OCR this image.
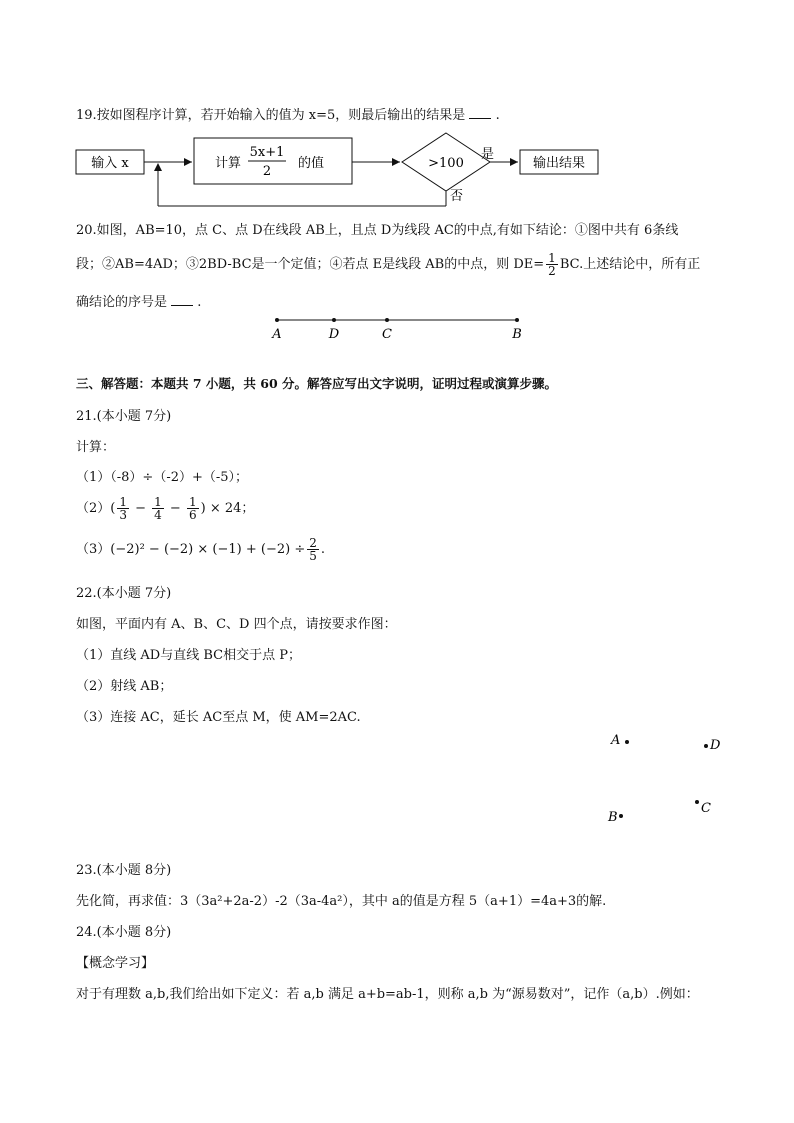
19.按如图程序计算，若开始输入的值为 x=5，则最后输出的结果是 .
输入 x	计算
5x+1
2
的值	>100
是
输出结果
否
20.如图，AB=10，点 C、点 D在线段 AB上，且点 D为线段 AC的中点,有如下结论：①图中共有 6条线
段；②AB=4AD；③2BD-BC是一个定值；④若点 E是线段 AB的中点，则 $DE= \frac{1}{2}$ BC.上述结论中，所有正
确结论的序号是 .
A	D	C	B
三、解答题：本题共 7 小题，共 60 分。解答应写出文字说明，证明过程或演算步骤。
21.(本小题 7分)
计算：
（1）（-8）÷（-2）+（-5）；
$(2)( \frac{1}{3} - \frac{1}{4} - \frac{1}{6}$ ) × 24；
$(3)(-2)^2 - (-2) \times (-1) + (-2) \div \frac{2}{5}$ .
22.(本小题 7分)
如图，平面内有 A、B、C、D 四个点，请按要求作图：
（1）直线 AD与直线 BC相交于点 P；
（2）射线 AB；
（3）连接 AC，延长 AC至点 M，使 AM=2AC.
A	D
B
C
23.(本小题 8分)
先化简，再求值：3（3a²+2a-2）-2（3a-4a²），其中 a的值是方程 5（a+1）=4a+3的解.
24.(本小题 8分)
【概念学习】
对于有理数 a,b,我们给出如下定义：若 a,b 满足 a+b=ab-1，则称 a,b 为“源易数对”，记作（a,b）.例如：
